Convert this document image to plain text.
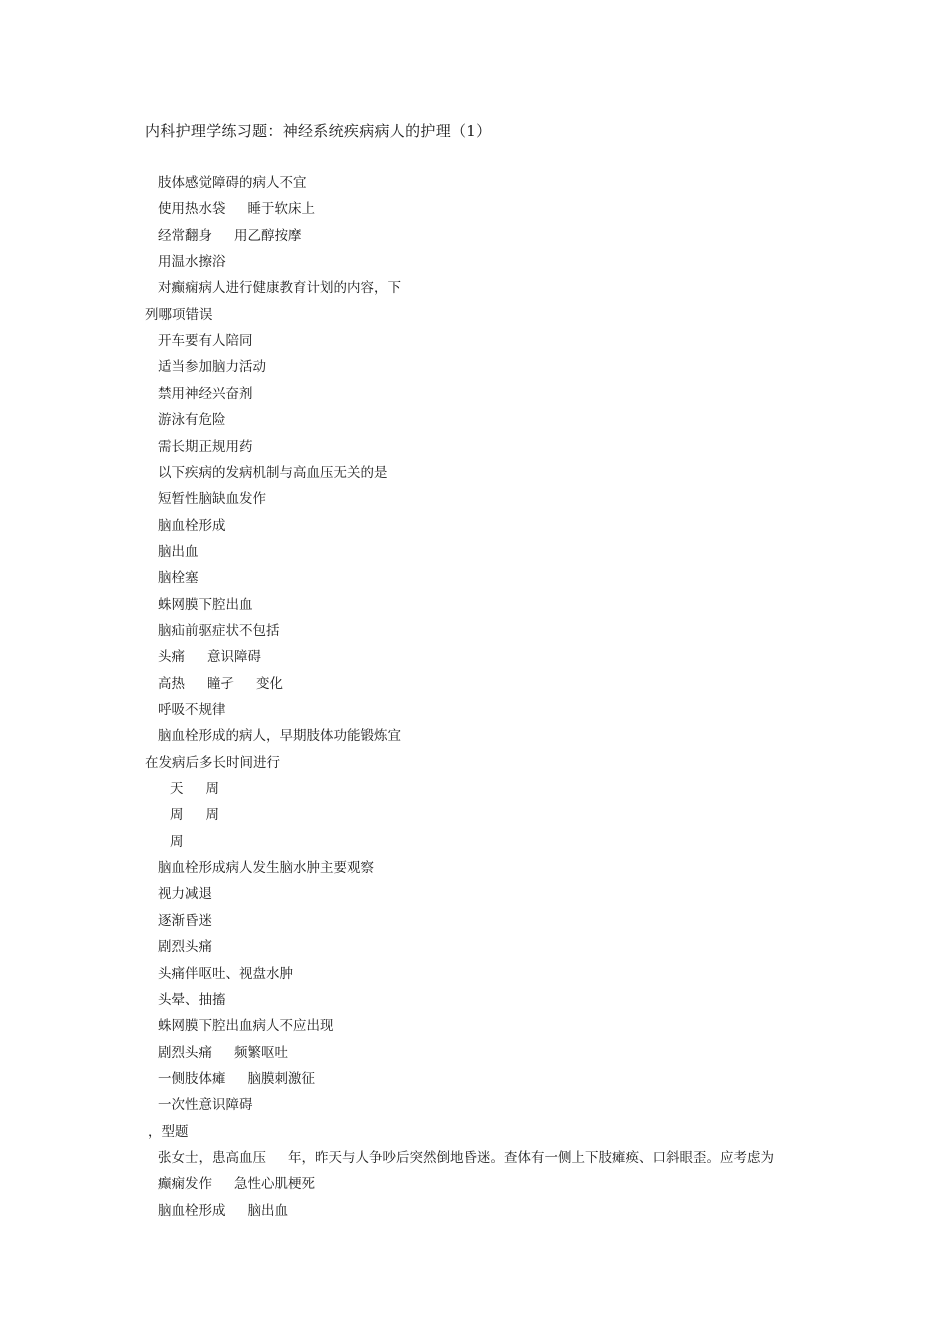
内科护理学练习题：神经系统疾病病人的护理（1）
肢体感觉障碍的病人不宜
使用热水袋 睡于软床上
经常翻身 用乙醇按摩
用温水擦浴
对癫痫病人进行健康教育计划的内容，下
列哪项错误
开车要有人陪同
适当参加脑力活动
禁用神经兴奋剂
游泳有危险
需长期正规用药
以下疾病的发病机制与高血压无关的是
短暂性脑缺血发作
脑血栓形成
脑出血
脑栓塞
蛛网膜下腔出血
脑疝前驱症状不包括
头痛 意识障碍
高热 瞳孑 变化
呼吸不规律
脑血栓形成的病人，早期肢体功能锻炼宜
在发病后多长时间进行
天 周
周 周
周
脑血栓形成病人发生脑水肿主要观察
视力减退
逐渐昏迷
剧烈头痛
头痛伴呕吐、视盘水肿
头晕、抽搐
蛛网膜下腔出血病人不应出现
剧烈头痛 频繁呕吐
一侧肢体瘫 脑膜刺激征
一次性意识障碍
，型题
张女士，患高血压 年，昨天与人争吵后突然倒地昏迷。查体有一侧上下肢瘫痪、口斜眼歪。应考虑为
癫痫发作 急性心肌梗死
脑血栓形成 脑出血
